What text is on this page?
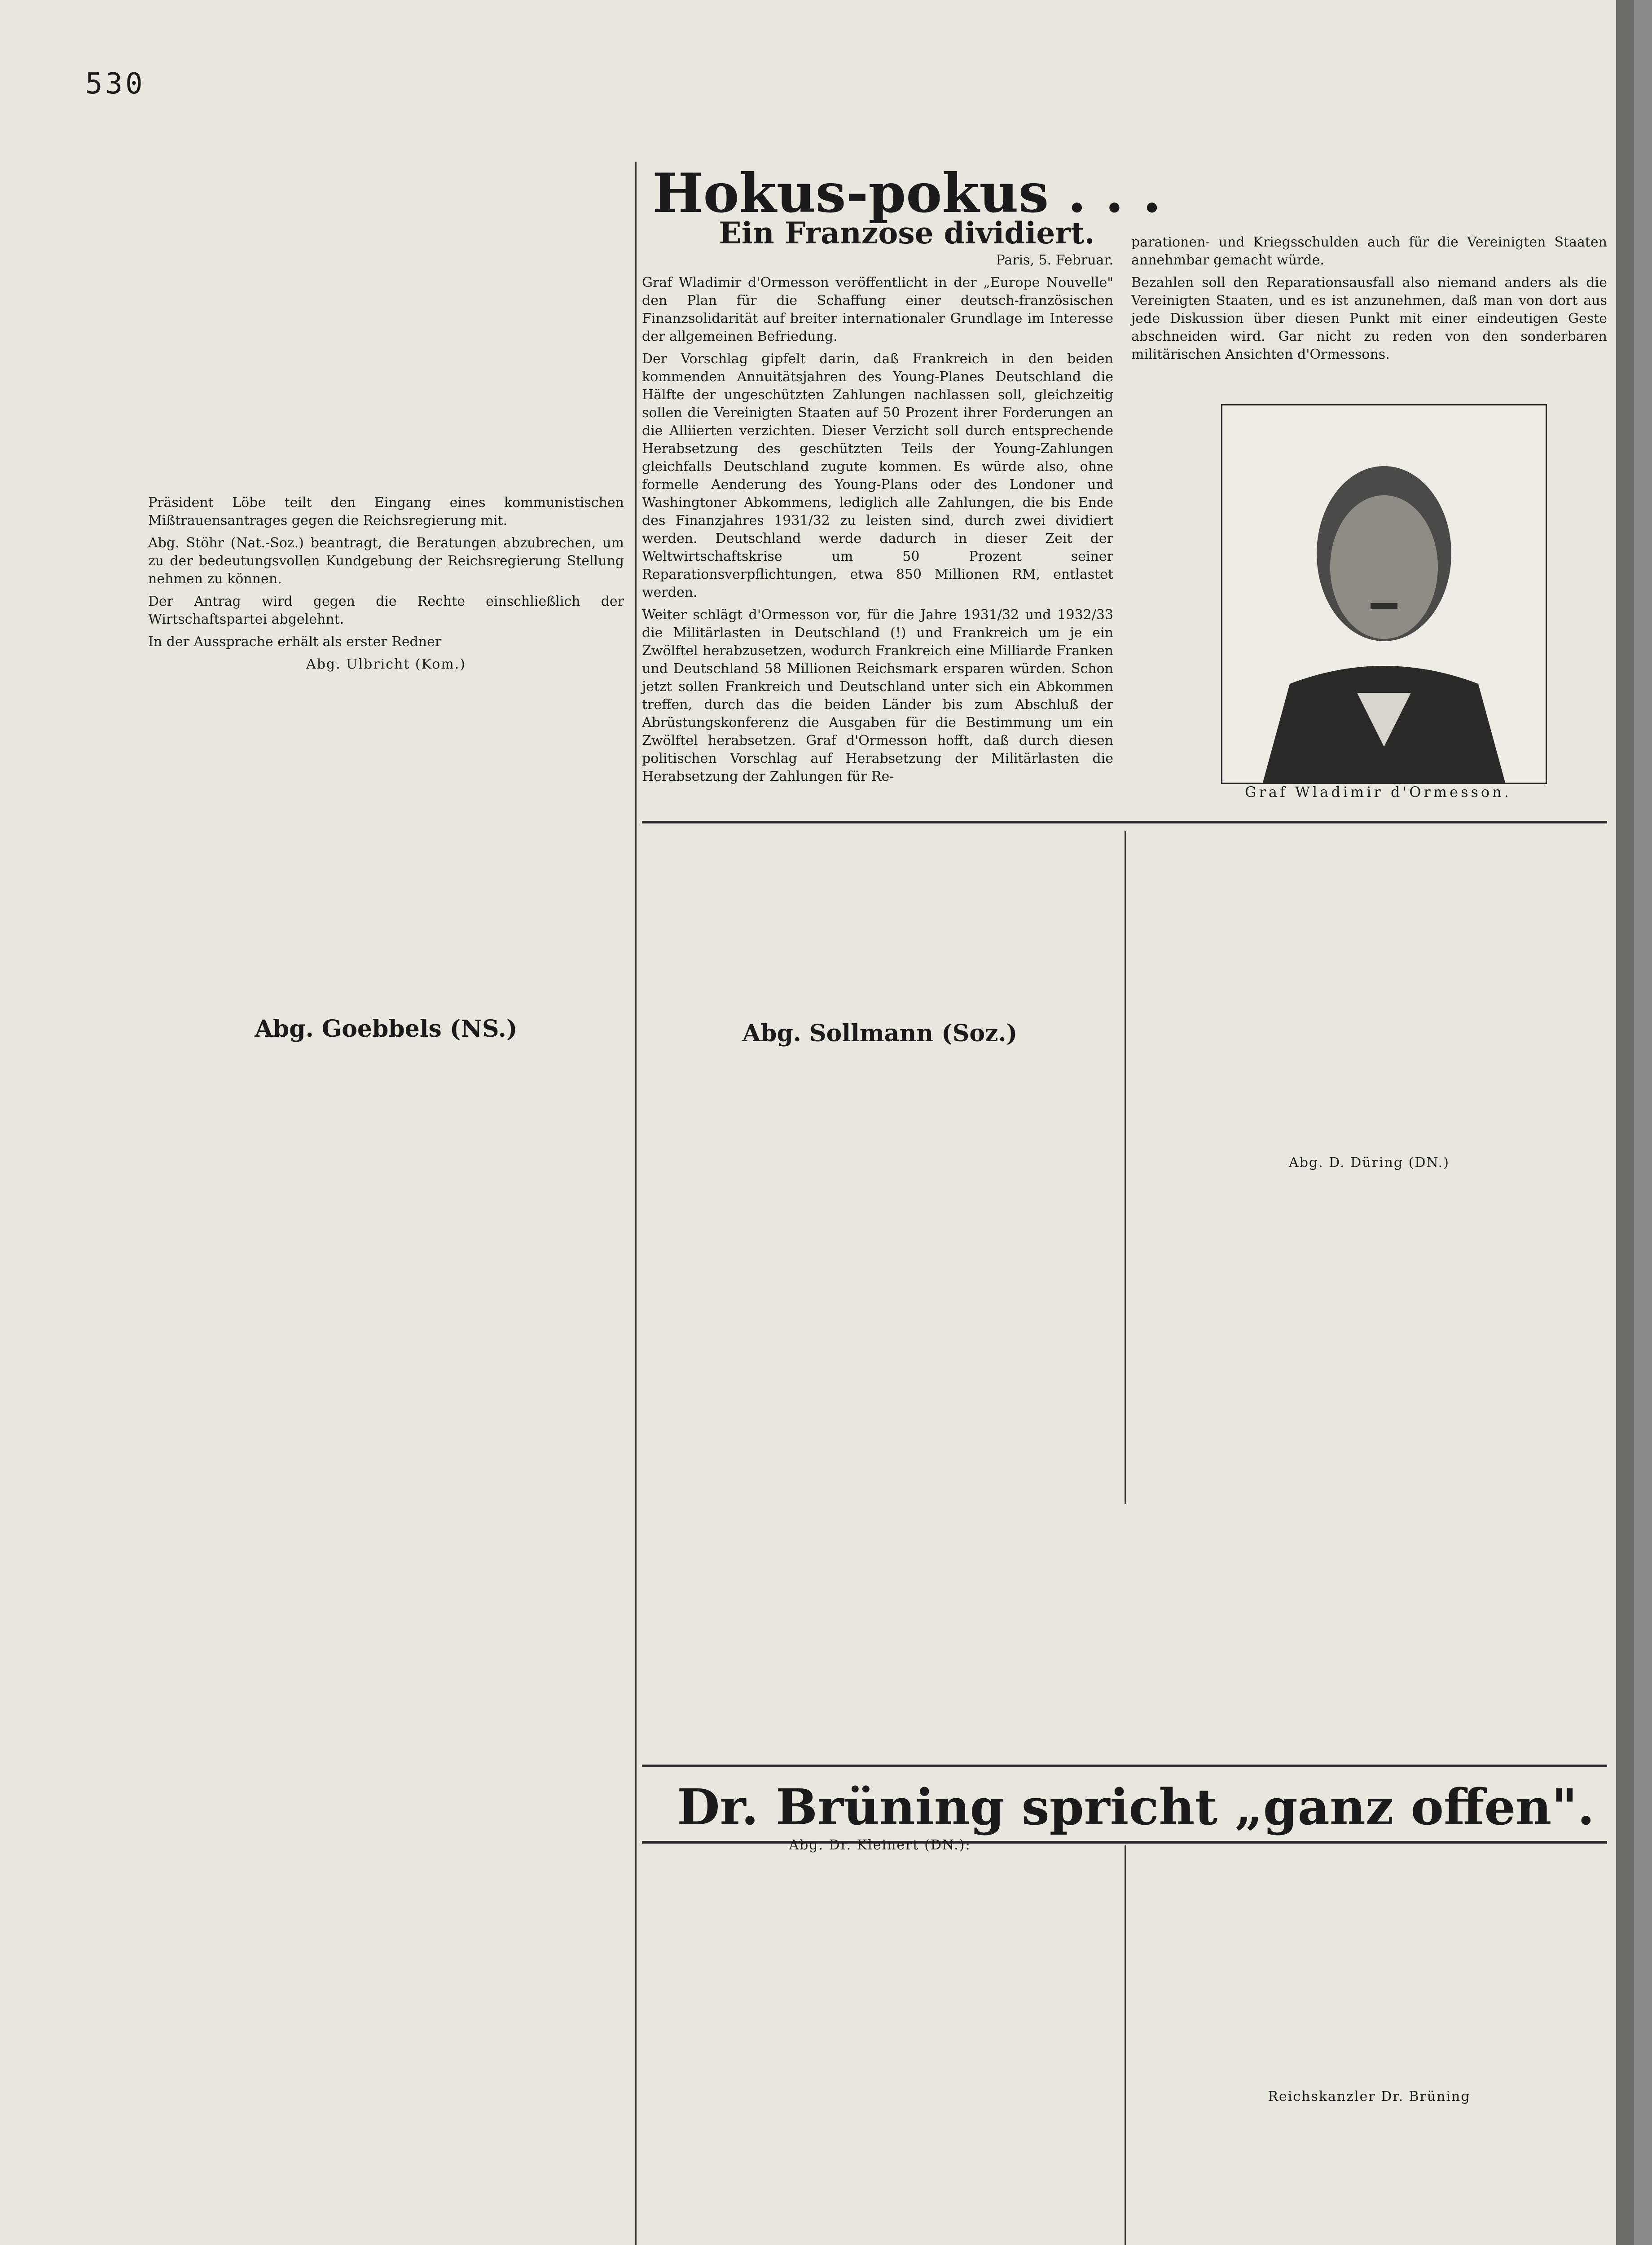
530

Präsident Löbe teilt den Eingang eines kommunistischen Mißtrauensantrages gegen die Reichsregierung mit.

Abg. Stöhr (Nat.-Soz.) beantragt, die Beratungen abzubrechen, um zu der bedeutungsvollen Kundgebung der Reichsregierung Stellung nehmen zu können.

Der Antrag wird gegen die Rechte einschließlich der Wirtschaftspartei abgelehnt.

In der Aussprache erhält als erster Redner

Abg. Ulbricht (Kom.)

Abg. Goebbels (NS.)

Hokus-pokus . . .
Ein Franzose dividiert.

Paris, 5. Februar.

Graf Wladimir d'Ormesson veröffentlicht in der „Europe Nouvelle" den Plan für die Schaffung einer deutsch-französischen Finanzsolidarität auf breiter internationaler Grundlage im Interesse der allgemeinen Befriedung.

Der Vorschlag gipfelt darin, daß Frankreich in den beiden kommenden Annuitätsjahren des Young-Planes Deutschland die Hälfte der ungeschützten Zahlungen nachlassen soll, gleichzeitig sollen die Vereinigten Staaten auf 50 Prozent ihrer Forderungen an die Alliierten verzichten. Dieser Verzicht soll durch entsprechende Herabsetzung des geschützten Teils der Young-Zahlungen gleichfalls Deutschland zugute kommen. Es würde also, ohne formelle Aenderung des Young-Plans oder des Londoner und Washingtoner Abkommens, lediglich alle Zahlungen, die bis Ende des Finanzjahres 1931/32 zu leisten sind, durch zwei dividiert werden. Deutschland werde dadurch in dieser Zeit der Weltwirtschaftskrise um 50 Prozent seiner Reparationsverpflichtungen, etwa 850 Millionen RM, entlastet werden.

Weiter schlägt d'Ormesson vor, für die Jahre 1931/32 und 1932/33 die Militärlasten in Deutschland (!) und Frankreich um je ein Zwölftel herabzusetzen, wodurch Frankreich eine Milliarde Franken und Deutschland 58 Millionen Reichsmark ersparen würden. Schon jetzt sollen Frankreich und Deutschland unter sich ein Abkommen treffen, durch das die beiden Länder bis zum Abschluß der Abrüstungskonferenz die Ausgaben für die Bestimmung um ein Zwölftel herabsetzen. Graf d'Ormesson hofft, daß durch diesen politischen Vorschlag auf Herabsetzung der Militärlasten die Herabsetzung der Zahlungen für Re-

parationen- und Kriegsschulden auch für die Vereinigten Staaten annehmbar gemacht würde.

Bezahlen soll den Reparationsausfall also niemand anders als die Vereinigten Staaten, und es ist anzunehmen, daß man von dort aus jede Diskussion über diesen Punkt mit einer eindeutigen Geste abschneiden wird. Gar nicht zu reden von den sonderbaren militärischen Ansichten d'Ormessons.

Graf Wladimir d'Ormesson.

Abg. Sollmann (Soz.)

Abg. D. Düring (DN.)

Dr. Brüning spricht „ganz offen".

Abg. Dr. Kleinert (DN.):

Reichskanzler Dr. Brüning
